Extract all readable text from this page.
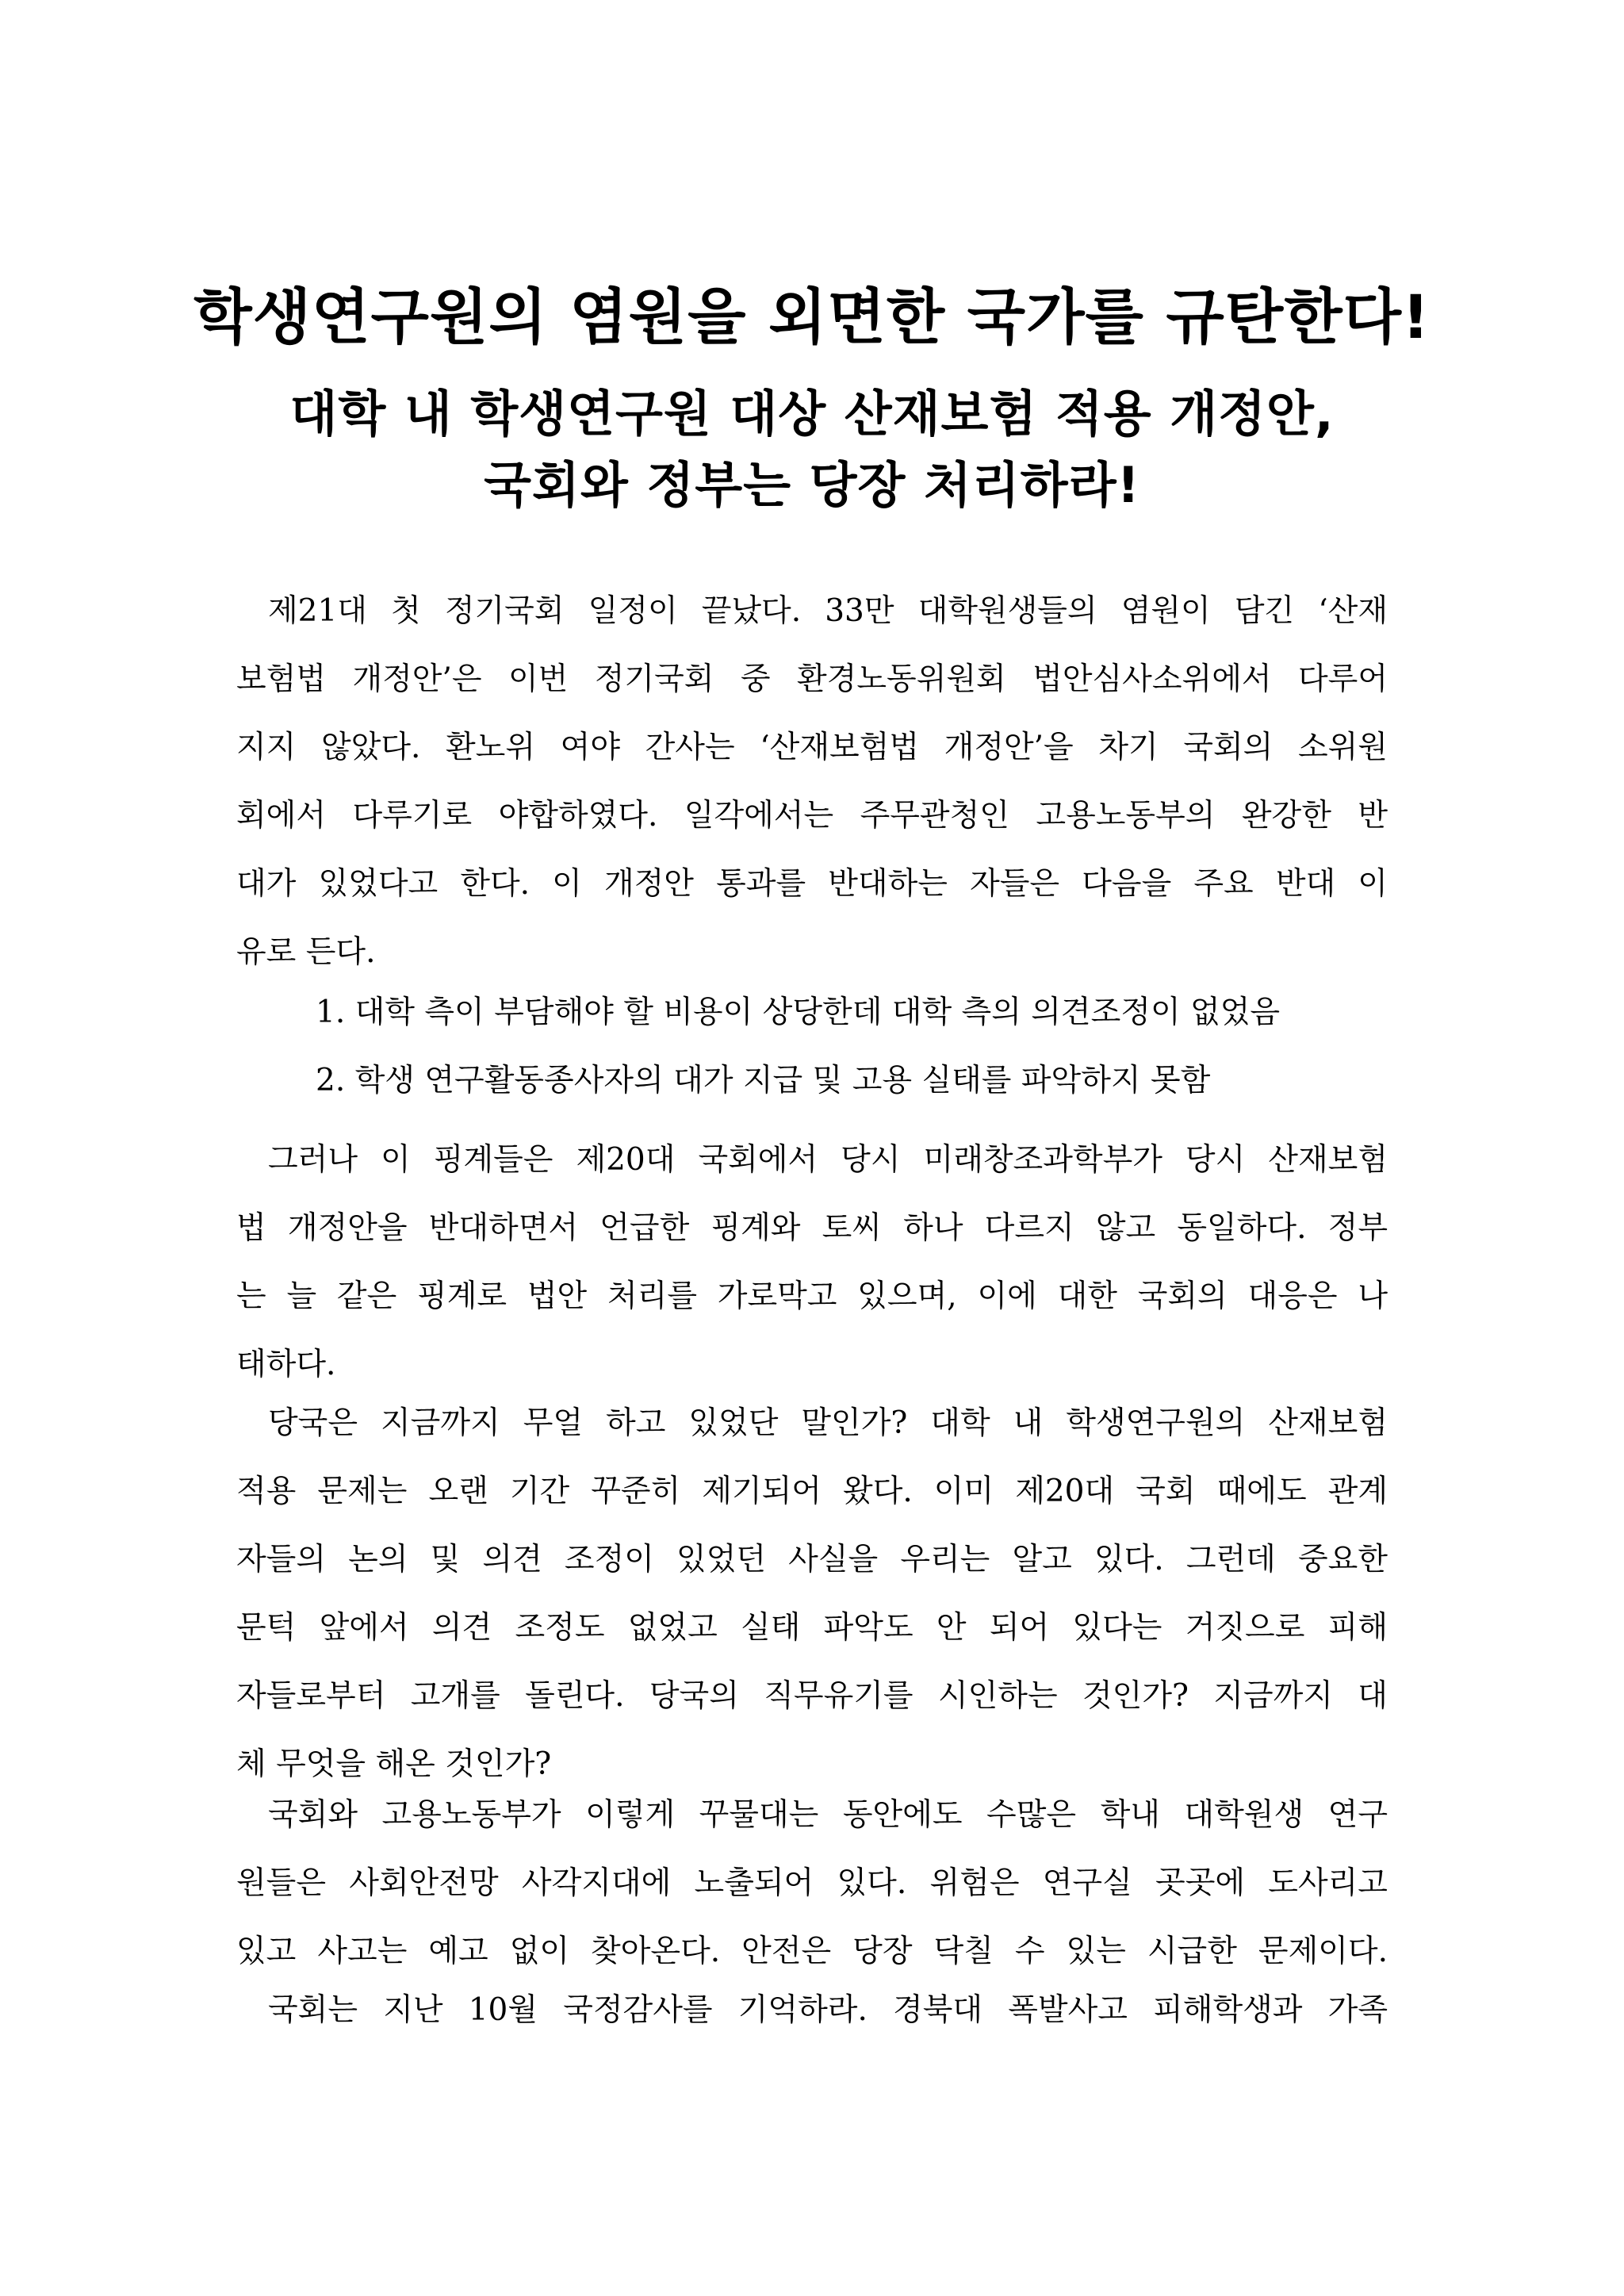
학생연구원의 염원을 외면한 국가를 규탄한다!
대학 내 학생연구원 대상 산재보험 적용 개정안,
국회와 정부는 당장 처리하라!
제21대 첫 정기국회 일정이 끝났다. 33만 대학원생들의 염원이 담긴 ‘산재
보험법 개정안’은 이번 정기국회 중 환경노동위원회 법안심사소위에서 다루어
지지 않았다. 환노위 여야 간사는 ‘산재보험법 개정안’을 차기 국회의 소위원
회에서 다루기로 야합하였다. 일각에서는 주무관청인 고용노동부의 완강한 반
대가 있었다고 한다. 이 개정안 통과를 반대하는 자들은 다음을 주요 반대 이
유로 든다.
1. 대학 측이 부담해야 할 비용이 상당한데 대학 측의 의견조정이 없었음
2. 학생 연구활동종사자의 대가 지급 및 고용 실태를 파악하지 못함
그러나 이 핑계들은 제20대 국회에서 당시 미래창조과학부가 당시 산재보험
법 개정안을 반대하면서 언급한 핑계와 토씨 하나 다르지 않고 동일하다. 정부
는 늘 같은 핑계로 법안 처리를 가로막고 있으며, 이에 대한 국회의 대응은 나
태하다.
당국은 지금까지 무얼 하고 있었단 말인가? 대학 내 학생연구원의 산재보험
적용 문제는 오랜 기간 꾸준히 제기되어 왔다. 이미 제20대 국회 때에도 관계
자들의 논의 및 의견 조정이 있었던 사실을 우리는 알고 있다. 그런데 중요한
문턱 앞에서 의견 조정도 없었고 실태 파악도 안 되어 있다는 거짓으로 피해
자들로부터 고개를 돌린다. 당국의 직무유기를 시인하는 것인가? 지금까지 대
체 무엇을 해온 것인가?
국회와 고용노동부가 이렇게 꾸물대는 동안에도 수많은 학내 대학원생 연구
원들은 사회안전망 사각지대에 노출되어 있다. 위험은 연구실 곳곳에 도사리고
있고 사고는 예고 없이 찾아온다. 안전은 당장 닥칠 수 있는 시급한 문제이다.
국회는 지난 10월 국정감사를 기억하라. 경북대 폭발사고 피해학생과 가족
